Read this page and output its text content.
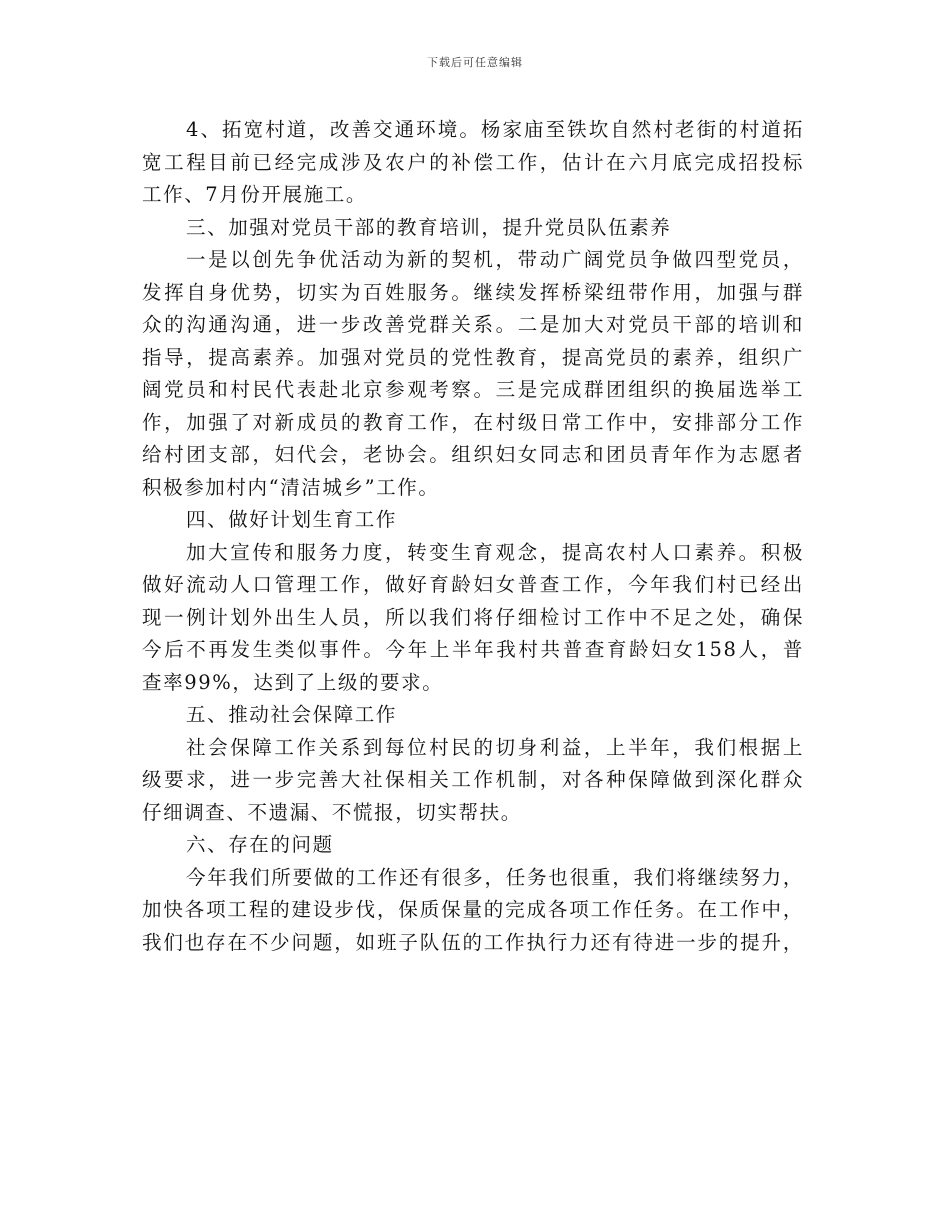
下载后可任意编辑
4、拓宽村道，改善交通环境。杨家庙至铁坎自然村老街的村道拓
宽工程目前已经完成涉及农户的补偿工作，估计在六月底完成招投标
工作、7月份开展施工。
三、加强对党员干部的教育培训，提升党员队伍素养
一是以创先争优活动为新的契机，带动广阔党员争做四型党员，
发挥自身优势，切实为百姓服务。继续发挥桥梁纽带作用，加强与群
众的沟通沟通，进一步改善党群关系。二是加大对党员干部的培训和
指导，提高素养。加强对党员的党性教育，提高党员的素养，组织广
阔党员和村民代表赴北京参观考察。三是完成群团组织的换届选举工
作，加强了对新成员的教育工作，在村级日常工作中，安排部分工作
给村团支部，妇代会，老协会。组织妇女同志和团员青年作为志愿者
积极参加村内“清洁城乡”工作。
四、做好计划生育工作
加大宣传和服务力度，转变生育观念，提高农村人口素养。积极
做好流动人口管理工作，做好育龄妇女普查工作，今年我们村已经出
现一例计划外出生人员，所以我们将仔细检讨工作中不足之处，确保
今后不再发生类似事件。今年上半年我村共普查育龄妇女158人，普
查率99%，达到了上级的要求。
五、推动社会保障工作
社会保障工作关系到每位村民的切身利益，上半年，我们根据上
级要求，进一步完善大社保相关工作机制，对各种保障做到深化群众
仔细调查、不遗漏、不慌报，切实帮扶。
六、存在的问题
今年我们所要做的工作还有很多，任务也很重，我们将继续努力，
加快各项工程的建设步伐，保质保量的完成各项工作任务。在工作中，
我们也存在不少问题，如班子队伍的工作执行力还有待进一步的提升，
